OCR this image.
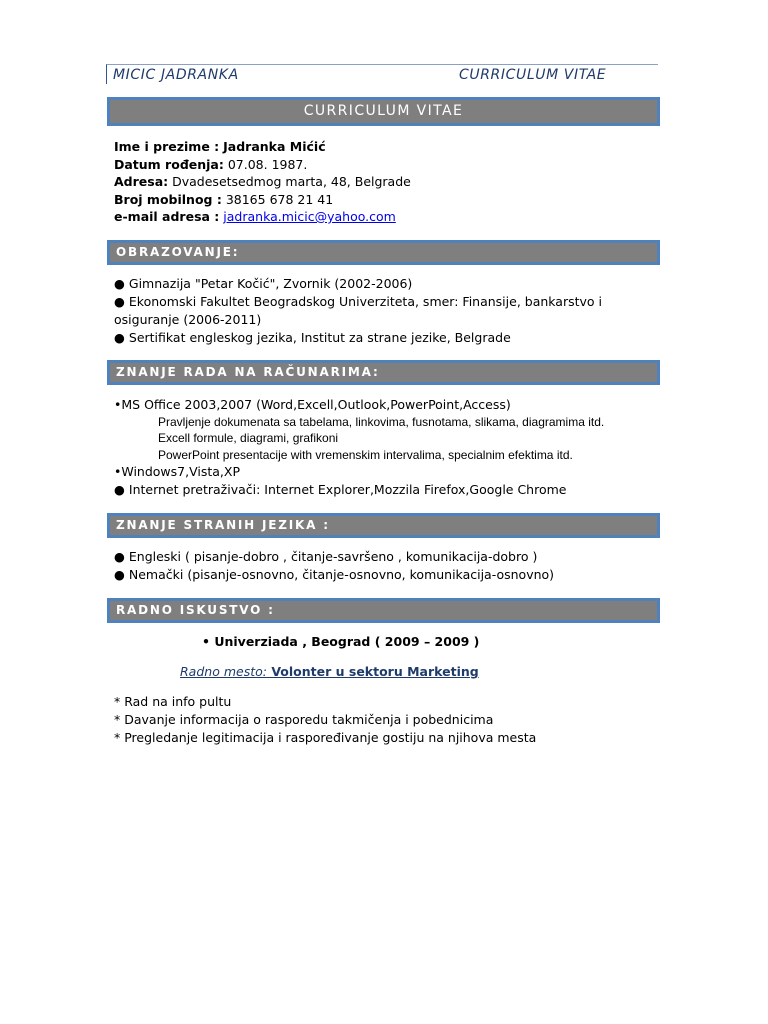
MICIC JADRANKA	CURRICULUM VITAE
CURRICULUM VITAE
Ime i prezime : Jadranka Mićić
Datum rođenja: 07.08. 1987.
Adresa: Dvadesetsedmog marta, 48, Belgrade
Broj mobilnog : 38165 678 21 41
e-mail adresa : jadranka.micic@yahoo.com
OBRAZOVANJE:
● Gimnazija "Petar Kočić", Zvornik (2002-2006)
● Ekonomski Fakultet Beogradskog Univerziteta, smer: Finansije, bankarstvo i
osiguranje (2006-2011)
● Sertifikat engleskog jezika, Institut za strane jezike, Belgrade
ZNANJE RADA NA RAČUNARIMA:
•MS Office 2003,2007 (Word,Excell,Outlook,PowerPoint,Access)
Pravljenje dokumenata sa tabelama, linkovima, fusnotama, slikama, diagramima itd.
Excell formule, diagrami, grafikoni
PowerPoint presentacije with vremenskim intervalima, specialnim efektima itd.
•Windows7,Vista,XP
● Internet pretraživači: Internet Explorer,Mozzila Firefox,Google Chrome
ZNANJE STRANIH JEZIKA :
● Engleski ( pisanje-dobro , čitanje-savršeno , komunikacija-dobro )
● Nemački (pisanje-osnovno, čitanje-osnovno, komunikacija-osnovno)
RADNO ISKUSTVO :
• Univerziada , Beograd ( 2009 – 2009 )
Radno mesto: Volonter u sektoru Marketing
* Rad na info pultu
* Davanje informacija o rasporedu takmičenja i pobednicima
* Pregledanje legitimacija i raspoređivanje gostiju na njihova mesta
